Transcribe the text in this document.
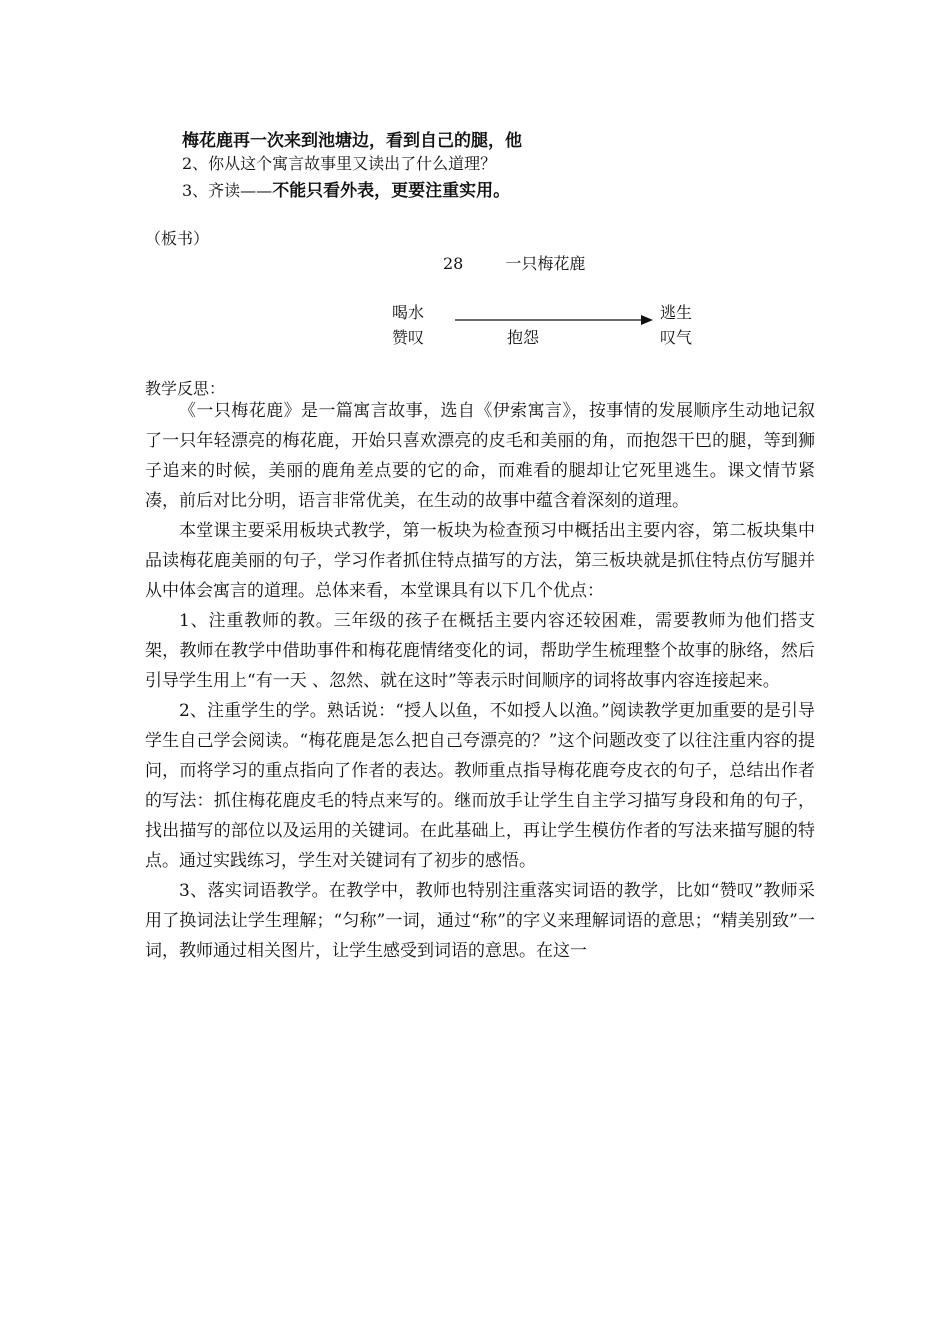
梅花鹿再一次来到池塘边，看到自己的腿，他
2、你从这个寓言故事里又读出了什么道理？
3、齐读——不能只看外表，更要注重实用。
（板书）
28	一只梅花鹿
喝水
赞叹	抱怨
逃生
叹气
教学反思：

《一只梅花鹿》是一篇寓言故事，选自《伊索寓言》，按事情的发展顺序生动地记叙了一只年轻漂亮的梅花鹿，开始只喜欢漂亮的皮毛和美丽的角，而抱怨干巴的腿，等到狮子追来的时候，美丽的鹿角差点要的它的命，而难看的腿却让它死里逃生。课文情节紧凑，前后对比分明，语言非常优美，在生动的故事中蕴含着深刻的道理。

本堂课主要采用板块式教学，第一板块为检查预习中概括出主要内容，第二板块集中品读梅花鹿美丽的句子，学习作者抓住特点描写的方法，第三板块就是抓住特点仿写腿并从中体会寓言的道理。总体来看，本堂课具有以下几个优点：

1、注重教师的教。三年级的孩子在概括主要内容还较困难，需要教师为他们搭支架，教师在教学中借助事件和梅花鹿情绪变化的词，帮助学生梳理整个故事的脉络，然后引导学生用上“有一天 、忽然、就在这时”等表示时间顺序的词将故事内容连接起来。

2、注重学生的学。熟话说：“授人以鱼，不如授人以渔。”阅读教学更加重要的是引导学生自己学会阅读。“梅花鹿是怎么把自己夸漂亮的？”这个问题改变了以往注重内容的提问，而将学习的重点指向了作者的表达。教师重点指导梅花鹿夸皮衣的句子，总结出作者的写法：抓住梅花鹿皮毛的特点来写的。继而放手让学生自主学习描写身段和角的句子，找出描写的部位以及运用的关键词。在此基础上，再让学生模仿作者的写法来描写腿的特点。通过实践练习，学生对关键词有了初步的感悟。

3、落实词语教学。在教学中，教师也特别注重落实词语的教学，比如“赞叹”教师采用了换词法让学生理解；“匀称”一词，通过“称”的字义来理解词语的意思；“精美别致”一词，教师通过相关图片，让学生感受到词语的意思。在这一
